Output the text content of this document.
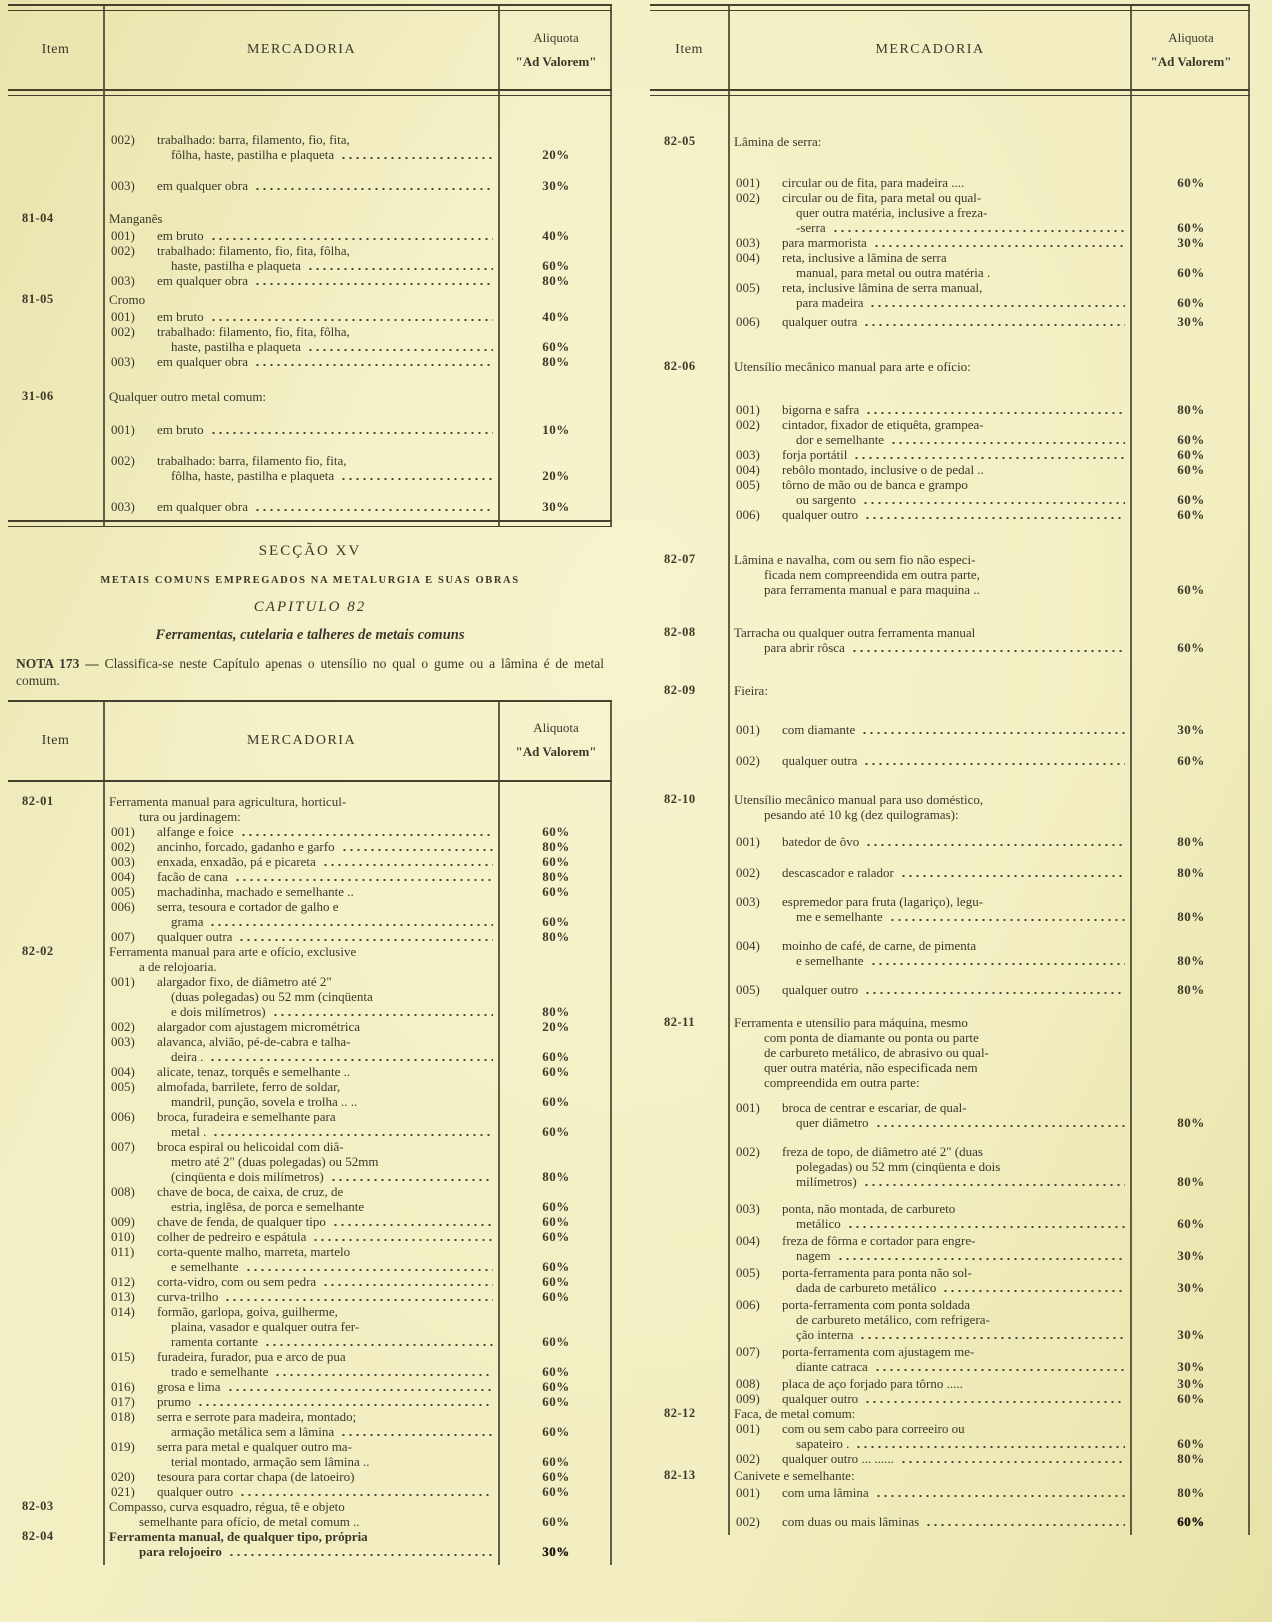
Item	MERCADORIA
Aliquota
"Ad Valorem"
002)	trabalhado: barra, filamento, fio, fita,
fôlha, haste, pastilha e plaqueta	20%
003)	em qualquer obra	30%
81-04	Manganês
001)	em bruto	40%
002)	trabalhado: filamento, fio, fita, fôlha,
haste, pastilha e plaqueta	60%
003)	em qualquer obra	80%
81-05	Cromo
001)	em bruto	40%
002)	trabalhado: filamento, fio, fita, fôlha,
haste, pastilha e plaqueta	60%
003)	em qualquer obra	80%
31-06	Qualquer outro metal comum:
001)	em bruto	10%
002)	trabalhado: barra, filamento fio, fita,
fôlha, haste, pastilha e plaqueta	20%
003)	em qualquer obra	30%
SECÇÃO XV
METAIS COMUNS EMPREGADOS NA METALURGIA E SUAS OBRAS
CAPITULO 82
Ferramentas, cutelaria e talheres de metais comuns
NOTA 173 — Classifica-se neste Capítulo apenas o utensílio no qual o gume ou a lâmina é de metal comum.
Item	MERCADORIA
Aliquota
"Ad Valorem"
82-01	Ferramenta manual para agricultura, horticul-
tura ou jardinagem:
001)	alfange e foice	60%
002)	ancinho, forcado, gadanho e garfo	80%
003)	enxada, enxadão, pá e picareta	60%
004)	facão de cana	80%
005)	machadinha, machado e semelhante ..	60%
006)	serra, tesoura e cortador de galho e
grama	60%
007)	qualquer outra	80%
82-02	Ferramenta manual para arte e ofício, exclusive
a de relojoaria.
001)	alargador fixo, de diâmetro até 2"
(duas polegadas) ou 52 mm (cinqüenta
e dois milímetros)	80%
002)	alargador com ajustagem micrométrica	20%
003)	alavanca, alvião, pé-de-cabra e talha-
deira .	60%
004)	alicate, tenaz, torquês e semelhante ..	60%
005)	almofada, barrilete, ferro de soldar,
mandril, punção, sovela e trolha .. ..	60%
006)	broca, furadeira e semelhante para
metal .	60%
007)	broca espiral ou helicoidal com diâ-
metro até 2" (duas polegadas) ou 52mm
(cinqüenta e dois milímetros)	80%
008)	chave de boca, de caixa, de cruz, de
estria, inglêsa, de porca e semelhante	60%
009)	chave de fenda, de qualquer tipo	60%
010)	colher de pedreiro e espátula	60%
011)	corta-quente malho, marreta, martelo
e semelhante	60%
012)	corta-vidro, com ou sem pedra	60%
013)	curva-trilho	60%
014)	formão, garlopa, goiva, guilherme,
plaina, vasador e qualquer outra fer-
ramenta cortante	60%
015)	furadeira, furador, pua e arco de pua
trado e semelhante	60%
016)	grosa e lima	60%
017)	prumo	60%
018)	serra e serrote para madeira, montado;
armação metálica sem a lâmina	60%
019)	serra para metal e qualquer outro ma-
terial montado, armação sem lâmina ..	60%
020)	tesoura para cortar chapa (de latoeiro)	60%
021)	qualquer outro	60%
82-03	Compasso, curva esquadro, régua, tê e objeto
semelhante para ofício, de metal comum ..	60%
82-04	Ferramenta manual, de qualquer tipo, própria
para relojoeiro	30%
Item	MERCADORIA
Aliquota
"Ad Valorem"
82-05	Lâmina de serra:
001)	circular ou de fita, para madeira ....	60%
002)	circular ou de fita, para metal ou qual-
quer outra matéria, inclusive a freza-
-serra	60%
003)	para marmorista	30%
004)	reta, inclusive a lâmina de serra
manual, para metal ou outra matéria .	60%
005)	reta, inclusive lâmina de serra manual,
para madeira	60%
006)	qualquer outra	30%
82-06	Utensílio mecânico manual para arte e ofício:
001)	bigorna e safra	80%
002)	cintador, fixador de etiquêta, grampea-
dor e semelhante	60%
003)	forja portátil	60%
004)	rebôlo montado, inclusive o de pedal ..	60%
005)	tôrno de mão ou de banca e grampo
ou sargento	60%
006)	qualquer outro	60%
82-07	Lâmina e navalha, com ou sem fio não especi-
ficada nem compreendida em outra parte,
para ferramenta manual e para maquina ..	60%
82-08	Tarracha ou qualquer outra ferramenta manual
para abrir rôsca	60%
82-09	Fieira:
001)	com diamante	30%
002)	qualquer outra	60%
82-10	Utensílio mecânico manual para uso doméstico,
pesando até 10 kg (dez quilogramas):
001)	batedor de ôvo	80%
002)	descascador e ralador	80%
003)	espremedor para fruta (lagariço), legu-
me e semelhante	80%
004)	moinho de café, de carne, de pimenta
e semelhante	80%
005)	qualquer outro	80%
82-11	Ferramenta e utensílio para máquina, mesmo
com ponta de diamante ou ponta ou parte
de carbureto metálico, de abrasivo ou qual-
quer outra matéria, não especificada nem
compreendida em outra parte:
001)	broca de centrar e escariar, de qual-
quer diâmetro	80%
002)	freza de topo, de diâmetro até 2" (duas
polegadas) ou 52 mm (cinqüenta e dois
milímetros)	80%
003)	ponta, não montada, de carbureto
metálico	60%
004)	freza de fôrma e cortador para engre-
nagem	30%
005)	porta-ferramenta para ponta não sol-
dada de carbureto metálico	30%
006)	porta-ferramenta com ponta soldada
de carbureto metálico, com refrigera-
ção interna	30%
007)	porta-ferramenta com ajustagem me-
diante catraca	30%
008)	placa de aço forjado para tôrno .....	30%
009)	qualquer outro	60%
82-12	Faca, de metal comum:
001)	com ou sem cabo para correeiro ou
sapateiro .	60%
002)	qualquer outro ... ......	80%
82-13	Canivete e semelhante:
001)	com uma lâmina	80%
002)	com duas ou mais lâminas	60%
